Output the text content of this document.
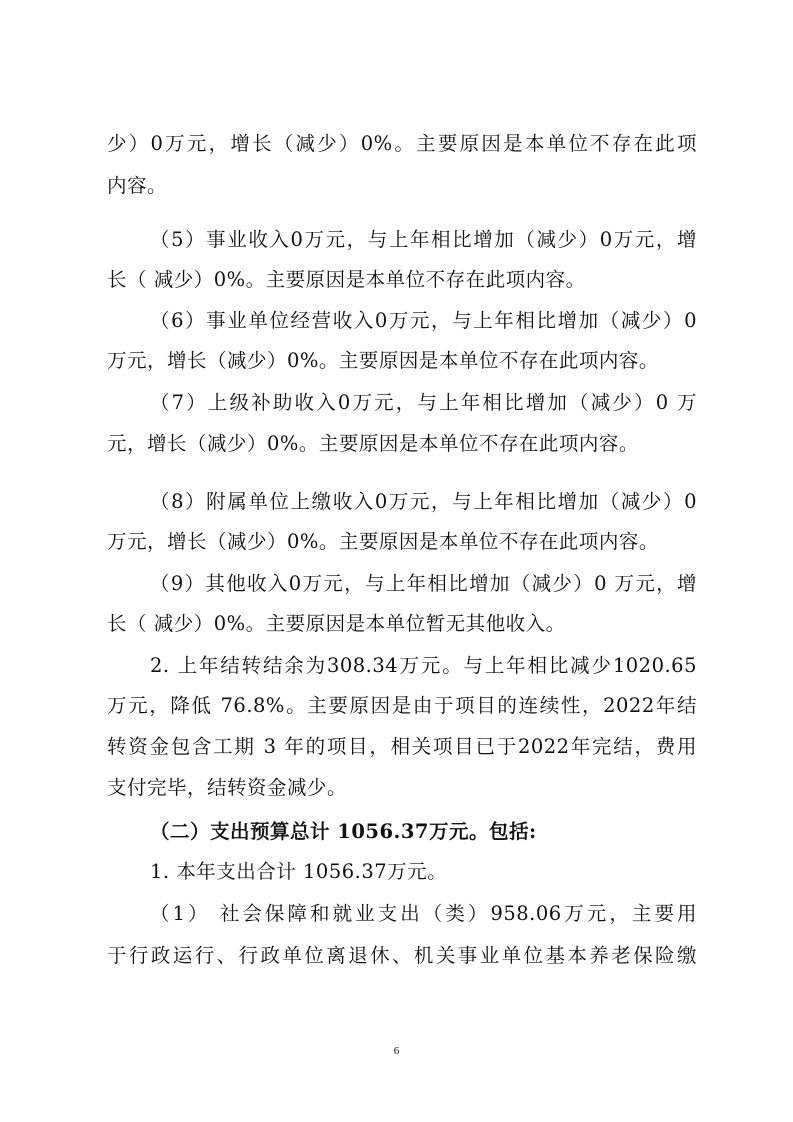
少）0万元，增长（减少）0%。主要原因是本单位不存在此项
内容。
（5）事业收入0万元，与上年相比增加（减少）0万元，增
长（ 减少）0%。主要原因是本单位不存在此项内容。
（6）事业单位经营收入0万元，与上年相比增加（减少）0
万元，增长（减少）0%。主要原因是本单位不存在此项内容。
（7）上级补助收入0万元，与上年相比增加（减少）0 万
元，增长（减少）0%。主要原因是本单位不存在此项内容。
（8）附属单位上缴收入0万元，与上年相比增加（减少）0
万元，增长（减少）0%。主要原因是本单位不存在此项内容。
（9）其他收入0万元，与上年相比增加（减少）0 万元，增
长（ 减少）0%。主要原因是本单位暂无其他收入。
2. 上年结转结余为308.34万元。与上年相比减少1020.65
万元，降低 76.8%。主要原因是由于项目的连续性，2022年结
转资金包含工期 3 年的项目，相关项目已于2022年完结，费用
支付完毕，结转资金减少。
（二）支出预算总计 1056.37万元。包括:
1. 本年支出合计 1056.37万元。
（1） 社会保障和就业支出（类）958.06万元，主要用
于行政运行、行政单位离退休、机关事业单位基本养老保险缴
6
